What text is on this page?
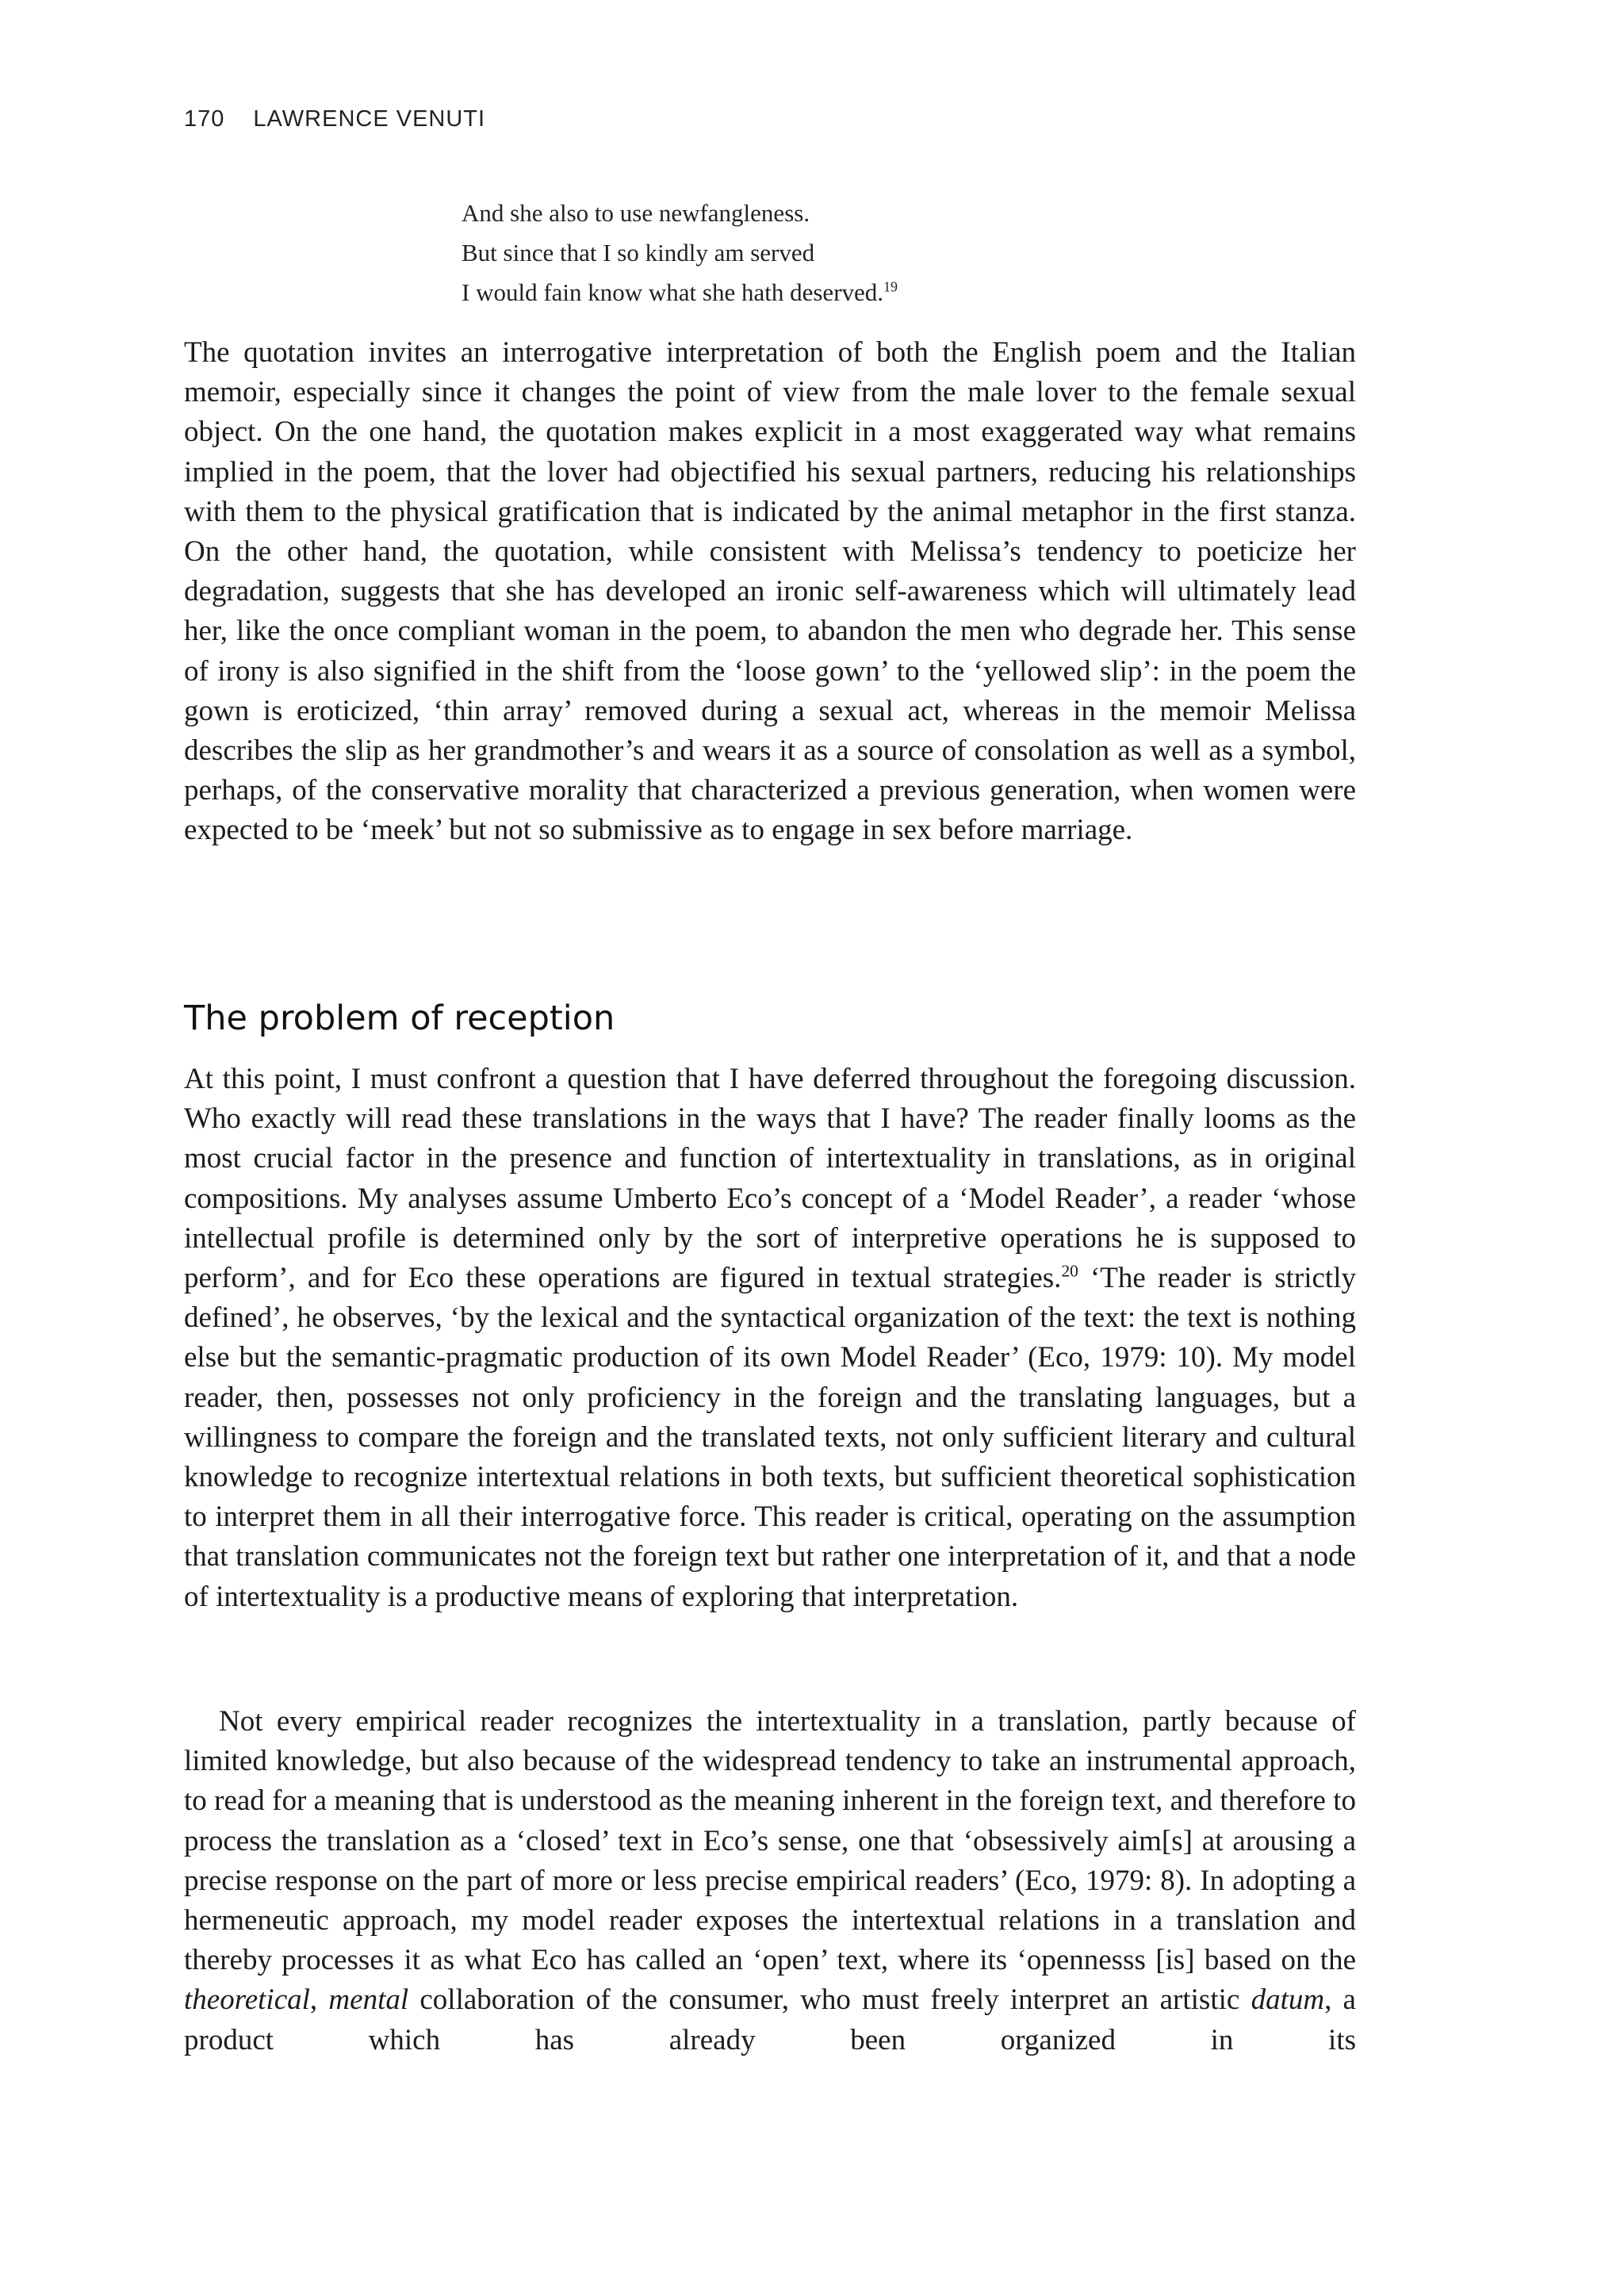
170 LAWRENCE VENUTI
And she also to use newfangleness.
But since that I so kindly am served
I would fain know what she hath deserved.$^{19}$

The quotation invites an interrogative interpretation of both the English poem and the Italian memoir, especially since it changes the point of view from the male lover to the female sexual object. On the one hand, the quotation makes explicit in a most exaggerated way what remains implied in the poem, that the lover had objectified his sexual partners, reducing his relationships with them to the physical gratification that is indicated by the animal metaphor in the first stanza. On the other hand, the quotation, while consistent with Melissa’s tendency to poeticize her degradation, suggests that she has developed an ironic self-awareness which will ultimately lead her, like the once compliant woman in the poem, to abandon the men who degrade her. This sense of irony is also signified in the shift from the ‘loose gown’ to the ‘yellowed slip’: in the poem the gown is eroticized, ‘thin array’ removed during a sexual act, whereas in the memoir Melissa describes the slip as her grandmother’s and wears it as a source of consolation as well as a symbol, perhaps, of the conservative morality that characterized a previous generation, when women were expected to be ‘meek’ but not so submissive as to engage in sex before marriage.

The problem of reception

At this point, I must confront a question that I have deferred throughout the foregoing discussion. Who exactly will read these translations in the ways that I have? The reader finally looms as the most crucial factor in the presence and function of intertextuality in translations, as in original compositions. My analyses assume Umberto Eco’s concept of a ‘Model Reader’, a reader ‘whose intellectual profile is determined only by the sort of interpretive operations he is supposed to perform’, and for Eco these operations are figured in textual strategies.$^{20}$ ‘The reader is strictly defined’, he observes, ‘by the lexical and the syntactical organization of the text: the text is nothing else but the semantic-pragmatic production of its own Model Reader’ (Eco, 1979: 10). My model reader, then, possesses not only proficiency in the foreign and the translating languages, but a willingness to compare the foreign and the translated texts, not only sufficient literary and cultural knowledge to recognize intertextual relations in both texts, but sufficient theoretical sophistication to interpret them in all their interrogative force. This reader is critical, operating on the assumption that translation communicates not the foreign text but rather one interpretation of it, and that a node of intertextuality is a productive means of exploring that interpretation.

Not every empirical reader recognizes the intertextuality in a translation, partly because of limited knowledge, but also because of the widespread tendency to take an instrumental approach, to read for a meaning that is understood as the meaning inherent in the foreign text, and therefore to process the translation as a ‘closed’ text in Eco’s sense, one that ‘obsessively aim[s] at arousing a precise response on the part of more or less precise empirical readers’ (Eco, 1979: 8). In adopting a hermeneutic approach, my model reader exposes the intertextual relations in a translation and thereby processes it as what Eco has called an ‘open’ text, where its ‘opennesss [is] based on the theoretical, mental collaboration of the consumer, who must freely interpret an artistic datum, a product which has already been organized in its
